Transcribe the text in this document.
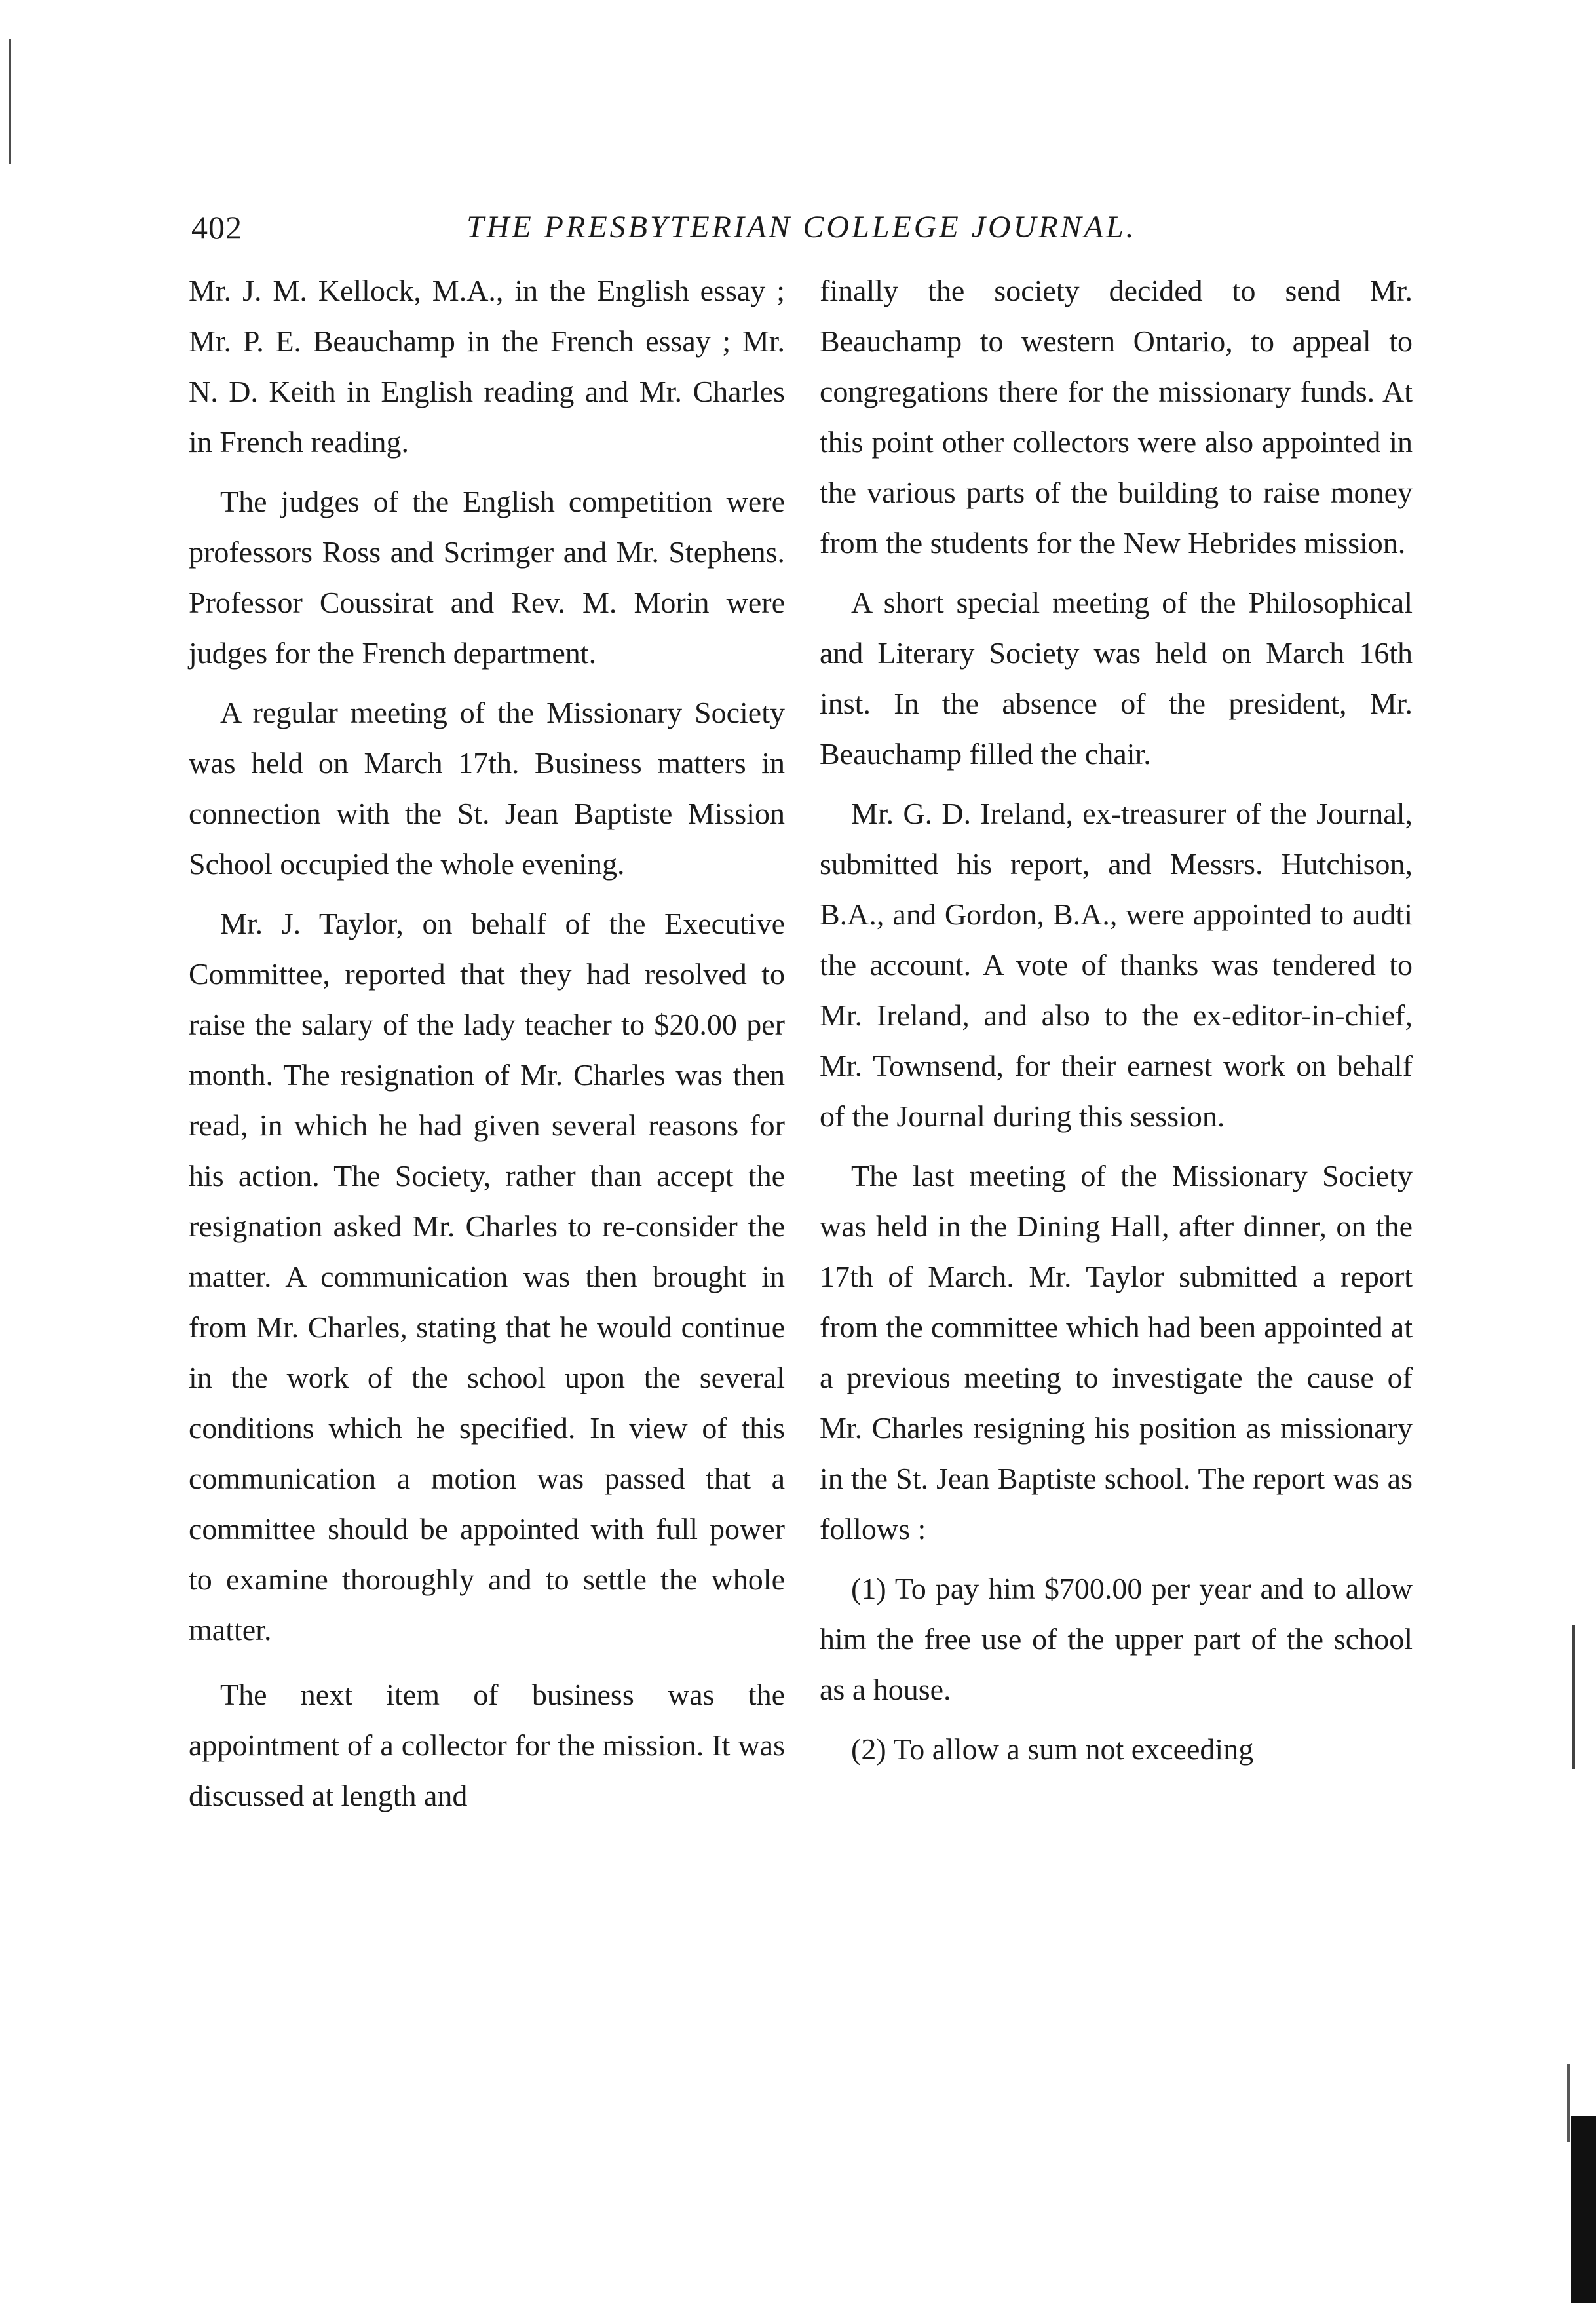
402	THE PRESBYTERIAN COLLEGE JOURNAL.

Mr. J. M. Kellock, M.A., in the English essay ; Mr. P. E. Beauchamp in the French essay ; Mr. N. D. Keith in English reading and Mr. Charles in French reading.

The judges of the English competition were professors Ross and Scrimger and Mr. Stephens. Professor Coussirat and Rev. M. Morin were judges for the French department.

A regular meeting of the Missionary Society was held on March 17th. Business matters in connection with the St. Jean Baptiste Mission School occupied the whole evening.

Mr. J. Taylor, on behalf of the Executive Committee, reported that they had resolved to raise the salary of the lady teacher to $20.00 per month. The resignation of Mr. Charles was then read, in which he had given several reasons for his action. The Society, rather than accept the resignation asked Mr. Charles to re-consider the matter. A communication was then brought in from Mr. Charles, stating that he would continue in the work of the school upon the several conditions which he specified. In view of this communication a motion was passed that a committee should be appointed with full power to examine thoroughly and to settle the whole matter.

The next item of business was the appointment of a collector for the mission. It was discussed at length and

finally the society decided to send Mr. Beauchamp to western Ontario, to appeal to congregations there for the missionary funds. At this point other collectors were also appointed in the various parts of the building to raise money from the students for the New Hebrides mission.

A short special meeting of the Philosophical and Literary Society was held on March 16th inst. In the absence of the president, Mr. Beauchamp filled the chair.

Mr. G. D. Ireland, ex-treasurer of the Journal, submitted his report, and Messrs. Hutchison, B.A., and Gordon, B.A., were appointed to audti the account. A vote of thanks was tendered to Mr. Ireland, and also to the ex-editor-in-chief, Mr. Townsend, for their earnest work on behalf of the Journal during this session.

The last meeting of the Missionary Society was held in the Dining Hall, after dinner, on the 17th of March. Mr. Taylor submitted a report from the committee which had been appointed at a previous meeting to investigate the cause of Mr. Charles resigning his position as missionary in the St. Jean Baptiste school. The report was as follows :

(1) To pay him $700.00 per year and to allow him the free use of the upper part of the school as a house.

(2) To allow a sum not exceeding
